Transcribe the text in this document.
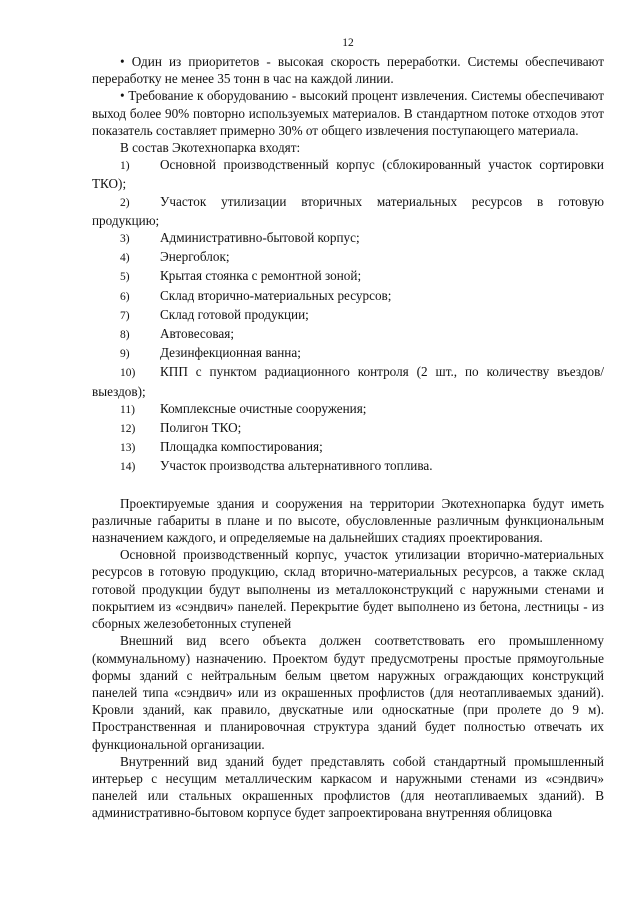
12

• Один из приоритетов - высокая скорость переработки. Системы обеспечивают переработку не менее 35 тонн в час на каждой линии.

• Требование к оборудованию - высокий процент извлечения. Системы обеспечивают выход более 90% повторно используемых материалов. В стандартном потоке отходов этот показатель составляет примерно 30% от общего извлечения поступающего материала.

В состав Экотехнопарка входят:

1) Основной производственный корпус (сблокированный участок сортировки ТКО);
2) Участок утилизации вторичных материальных ресурсов в готовую продукцию;
3) Административно-бытовой корпус;
4) Энергоблок;
5) Крытая стоянка с ремонтной зоной;
6) Склад вторично-материальных ресурсов;
7) Склад готовой продукции;
8) Автовесовая;
9) Дезинфекционная ванна;
10) КПП с пунктом радиационного контроля (2 шт., по количеству въездов/выездов);
11) Комплексные очистные сооружения;
12) Полигон ТКО;
13) Площадка компостирования;
14) Участок производства альтернативного топлива.

Проектируемые здания и сооружения на территории Экотехнопарка будут иметь различные габариты в плане и по высоте, обусловленные различным функциональным назначением каждого, и определяемые на дальнейших стадиях проектирования.

Основной производственный корпус, участок утилизации вторично-материальных ресурсов в готовую продукцию, склад вторично-материальных ресурсов, а также склад готовой продукции будут выполнены из металлоконструкций с наружными стенами и покрытием из «сэндвич» панелей. Перекрытие будет выполнено из бетона, лестницы - из сборных железобетонных ступеней

Внешний вид всего объекта должен соответствовать его промышленному (коммунальному) назначению. Проектом будут предусмотрены простые прямоугольные формы зданий с нейтральным белым цветом наружных ограждающих конструкций панелей типа «сэндвич» или из окрашенных профлистов (для неотапливаемых зданий). Кровли зданий, как правило, двускатные или односкатные (при пролете до 9 м). Пространственная и планировочная структура зданий будет полностью отвечать их функциональной организации.

Внутренний вид зданий будет представлять собой стандартный промышленный интерьер с несущим металлическим каркасом и наружными стенами из «сэндвич» панелей или стальных окрашенных профлистов (для неотапливаемых зданий). В административно-бытовом корпусе будет запроектирована внутренняя облицовка
